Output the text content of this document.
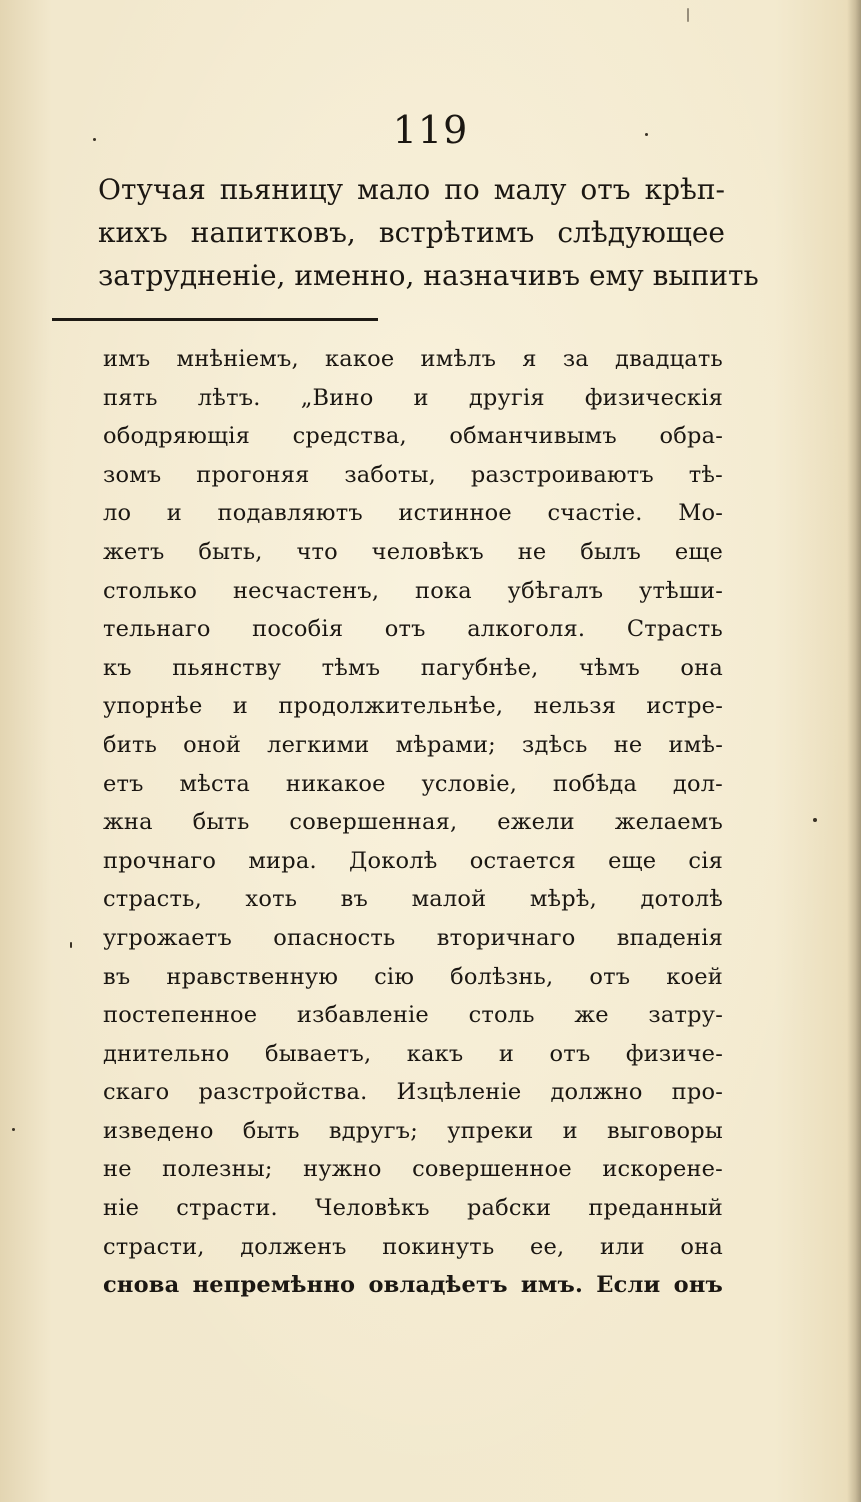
119
Отучая пьяницу мало по малу отъ крѣп-
кихъ напитковъ, встрѣтимъ слѣдующее
затрудненіе, именно, назначивъ ему выпить
имъ мнѣніемъ, какое имѣлъ я за двадцать
пять лѣтъ. „Вино и другія физическія
ободряющія средства, обманчивымъ обра-
зомъ прогоняя заботы, разстроиваютъ тѣ-
ло и подавляютъ истинное счастіе. Мо-
жетъ быть, что человѣкъ не былъ еще
столько несчастенъ, пока убѣгалъ утѣши-
тельнаго пособія отъ алкоголя. Страсть
къ пьянству тѣмъ пагубнѣе, чѣмъ она
упорнѣе и продолжительнѣе, нельзя истре-
бить оной легкими мѣрами; здѣсь не имѣ-
етъ мѣста никакое условіе, побѣда дол-
жна быть совершенная, ежели желаемъ
прочнаго мира. Доколѣ остается еще сія
страсть, хоть въ малой мѣрѣ, дотолѣ
угрожаетъ опасность вторичнаго впаденія
въ нравственную сію болѣзнь, отъ коей
постепенное избавленіе столь же затру-
днительно бываетъ, какъ и отъ физиче-
скаго разстройства. Изцѣленіе должно про-
изведено быть вдругъ; упреки и выговоры
не полезны; нужно совершенное искорене-
ніе страсти. Человѣкъ рабски преданный
страсти, долженъ покинуть ее, или она
снова непремѣнно овладѣетъ имъ. Если онъ
